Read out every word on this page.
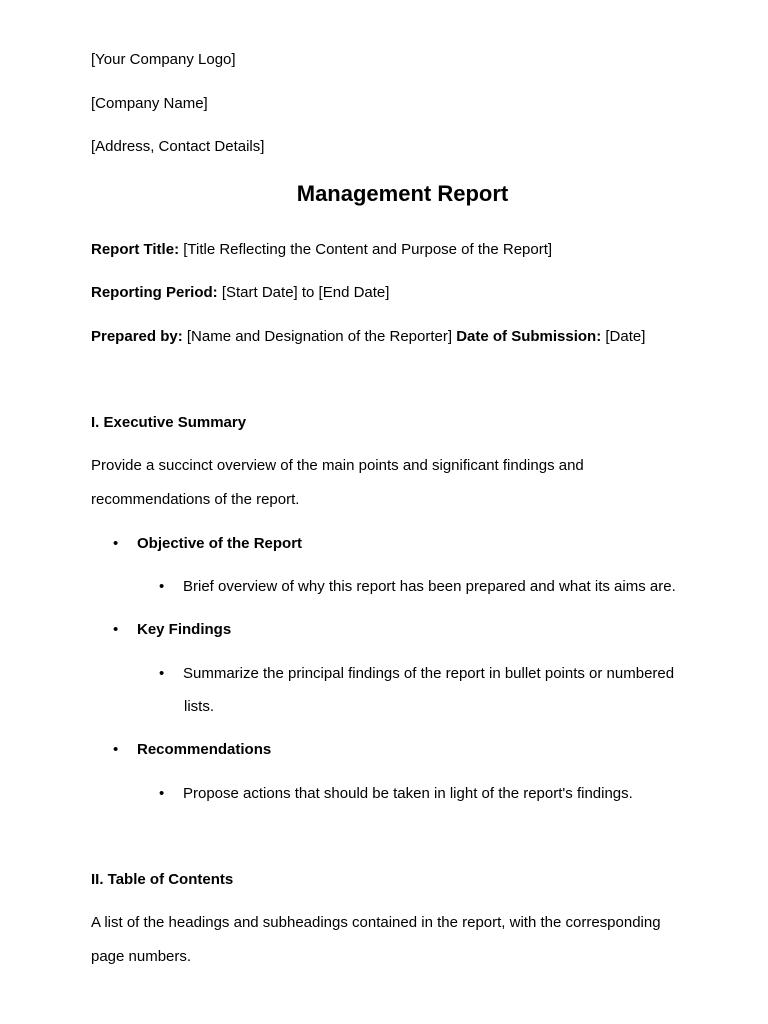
[Your Company Logo]
[Company Name]
[Address, Contact Details]
Management Report
Report Title: [Title Reflecting the Content and Purpose of the Report]
Reporting Period: [Start Date] to [End Date]
Prepared by: [Name and Designation of the Reporter] Date of Submission: [Date]
I. Executive Summary
Provide a succinct overview of the main points and significant findings and
recommendations of the report.
• Objective of the Report
• Brief overview of why this report has been prepared and what its aims are.
• Key Findings
• Summarize the principal findings of the report in bullet points or numbered
lists.
• Recommendations
• Propose actions that should be taken in light of the report's findings.
II. Table of Contents
A list of the headings and subheadings contained in the report, with the corresponding
page numbers.
